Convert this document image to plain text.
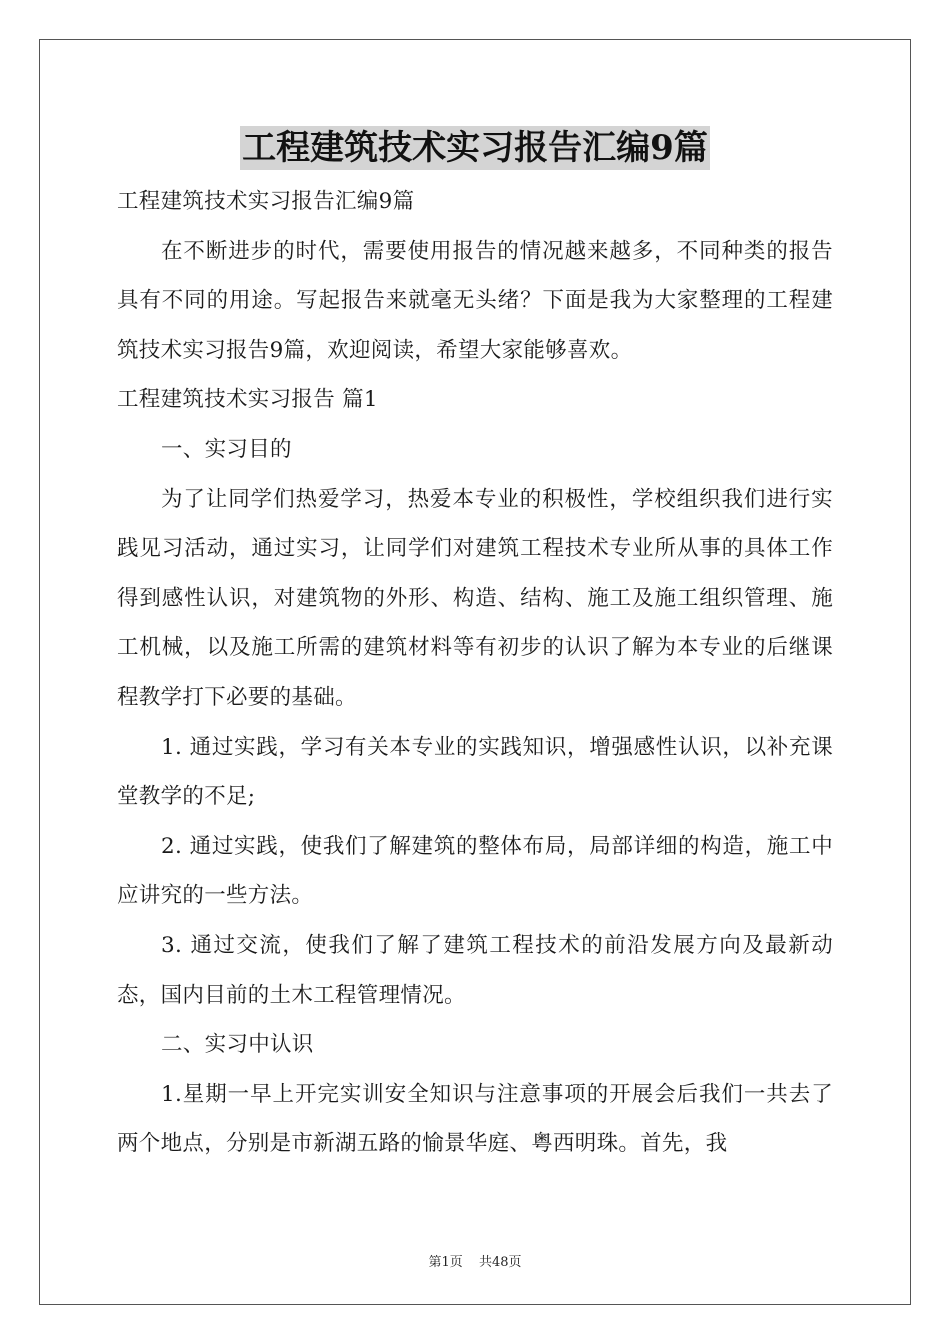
工程建筑技术实习报告汇编9篇

工程建筑技术实习报告汇编9篇

在不断进步的时代，需要使用报告的情况越来越多，不同种类的报告具有不同的用途。写起报告来就毫无头绪？下面是我为大家整理的工程建筑技术实习报告9篇，欢迎阅读，希望大家能够喜欢。

工程建筑技术实习报告 篇1

一、实习目的

为了让同学们热爱学习，热爱本专业的积极性，学校组织我们进行实践见习活动，通过实习，让同学们对建筑工程技术专业所从事的具体工作得到感性认识，对建筑物的外形、构造、结构、施工及施工组织管理、施工机械，以及施工所需的建筑材料等有初步的认识了解为本专业的后继课程教学打下必要的基础。

1. 通过实践，学习有关本专业的实践知识，增强感性认识，以补充课堂教学的不足;

2. 通过实践，使我们了解建筑的整体布局，局部详细的构造，施工中应讲究的一些方法。

3. 通过交流，使我们了解了建筑工程技术的前沿发展方向及最新动态，国内目前的土木工程管理情况。

二、实习中认识

1.星期一早上开完实训安全知识与注意事项的开展会后我们一共去了两个地点，分别是市新湖五路的愉景华庭、粤西明珠。首先，我

第1页 共48页
